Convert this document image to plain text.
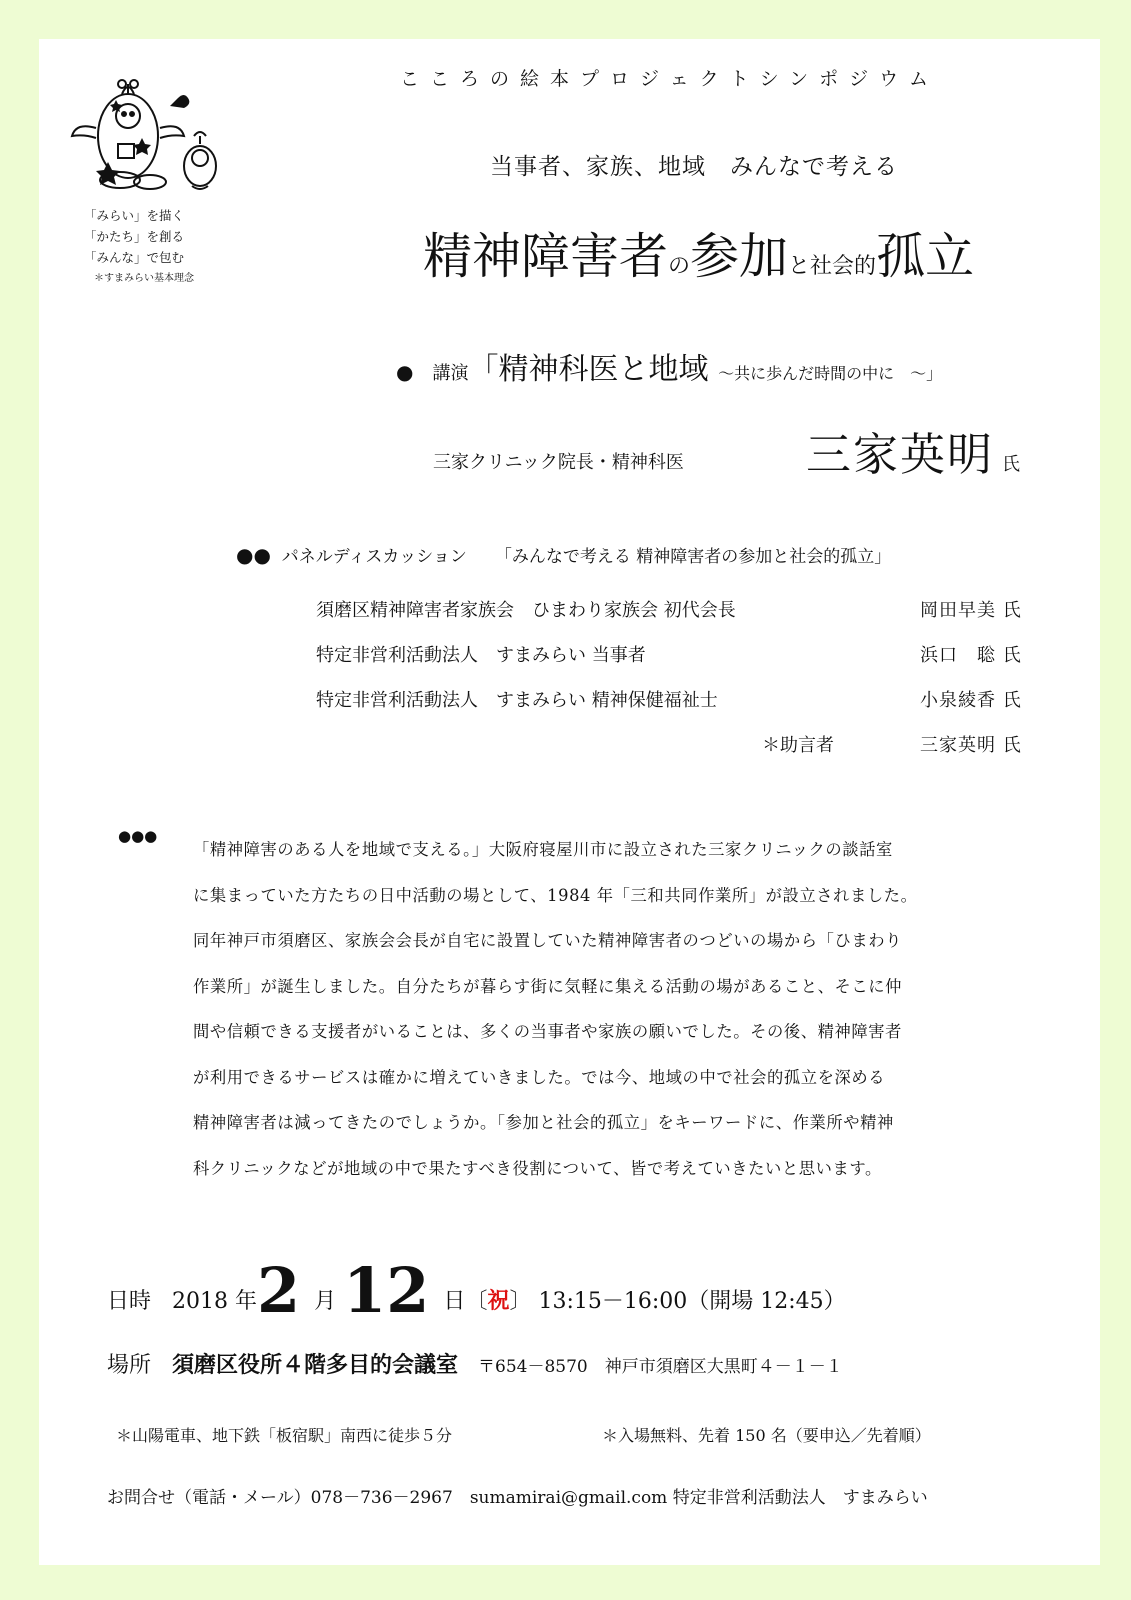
こころの絵本プロジェクトシンポジウム
当事者、家族、地域　みんなで考える
精神障害者の参加と社会的孤立
「みらい」を描く
「かたち」を創る
「みんな」で包む
＊すまみらい基本理念
● 講演「精神科医と地域 ～共に歩んだ時間の中に　～」
三家クリニック院長・精神科医	三家英明 氏
●● パネルディスカッション 「みんなで考える 精神障害者の参加と社会的孤立」
須磨区精神障害者家族会　ひまわり家族会 初代会長	岡田早美 氏
特定非営利活動法人　すまみらい 当事者	浜口　聡 氏
特定非営利活動法人　すまみらい 精神保健福祉士	小泉綾香 氏
＊助言者	三家英明 氏
●●●

「精神障害のある人を地域で支える。」大阪府寝屋川市に設立された三家クリニックの談話室

に集まっていた方たちの日中活動の場として、1984 年「三和共同作業所」が設立されました。

同年神戸市須磨区、家族会会長が自宅に設置していた精神障害者のつどいの場から「ひまわり

作業所」が誕生しました。自分たちが暮らす街に気軽に集える活動の場があること、そこに仲

間や信頼できる支援者がいることは、多くの当事者や家族の願いでした。その後、精神障害者

が利用できるサービスは確かに増えていきました。では今、地域の中で社会的孤立を深める

精神障害者は減ってきたのでしょうか。「参加と社会的孤立」をキーワードに、作業所や精神

科クリニックなどが地域の中で果たすべき役割について、皆で考えていきたいと思います。

日時 2018 年2 月 12 日〔祝〕 13:15－16:00（開場 12:45）
場所 須磨区役所４階多目的会議室 〒654－8570　神戸市須磨区大黒町４－１－１
＊山陽電車、地下鉄「板宿駅」南西に徒歩５分	＊入場無料、先着 150 名（要申込／先着順）
お問合せ（電話・メール）078－736－2967　sumamirai@gmail.com 特定非営利活動法人　すまみらい
